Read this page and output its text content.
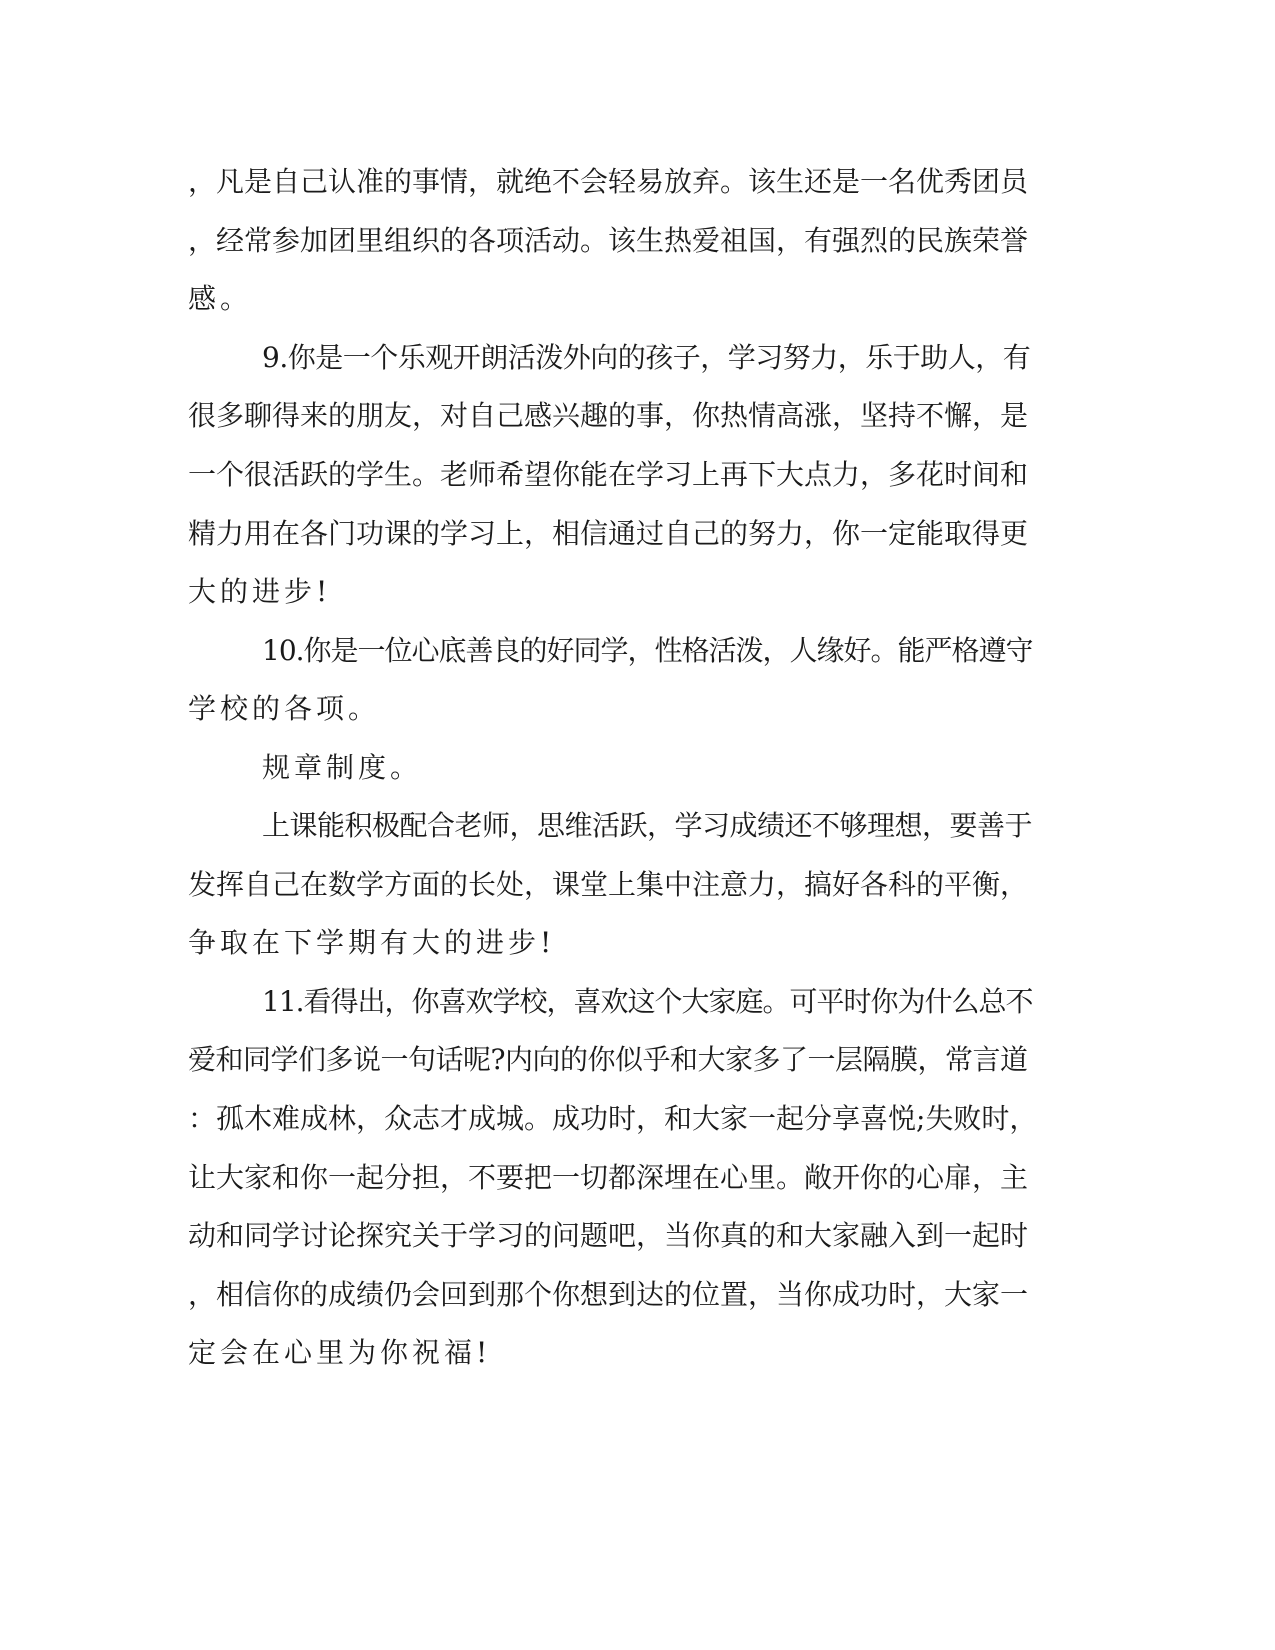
，凡是自己认准的事情，就绝不会轻易放弃。该生还是一名优秀团员
，经常参加团里组织的各项活动。该生热爱祖国，有强烈的民族荣誉
感。
9.你是一个乐观开朗活泼外向的孩子，学习努力，乐于助人，有
很多聊得来的朋友，对自己感兴趣的事，你热情高涨，坚持不懈，是
一个很活跃的学生。老师希望你能在学习上再下大点力，多花时间和
精力用在各门功课的学习上，相信通过自己的努力，你一定能取得更
大的进步!
10.你是一位心底善良的好同学，性格活泼，人缘好。能严格遵守
学校的各项。
规章制度。
上课能积极配合老师，思维活跃，学习成绩还不够理想，要善于
发挥自己在数学方面的长处，课堂上集中注意力，搞好各科的平衡，
争取在下学期有大的进步!
11.看得出，你喜欢学校，喜欢这个大家庭。可平时你为什么总不
爱和同学们多说一句话呢?内向的你似乎和大家多了一层隔膜，常言道
：孤木难成林，众志才成城。成功时，和大家一起分享喜悦;失败时，
让大家和你一起分担，不要把一切都深埋在心里。敞开你的心扉，主
动和同学讨论探究关于学习的问题吧，当你真的和大家融入到一起时
，相信你的成绩仍会回到那个你想到达的位置，当你成功时，大家一
定会在心里为你祝福!
